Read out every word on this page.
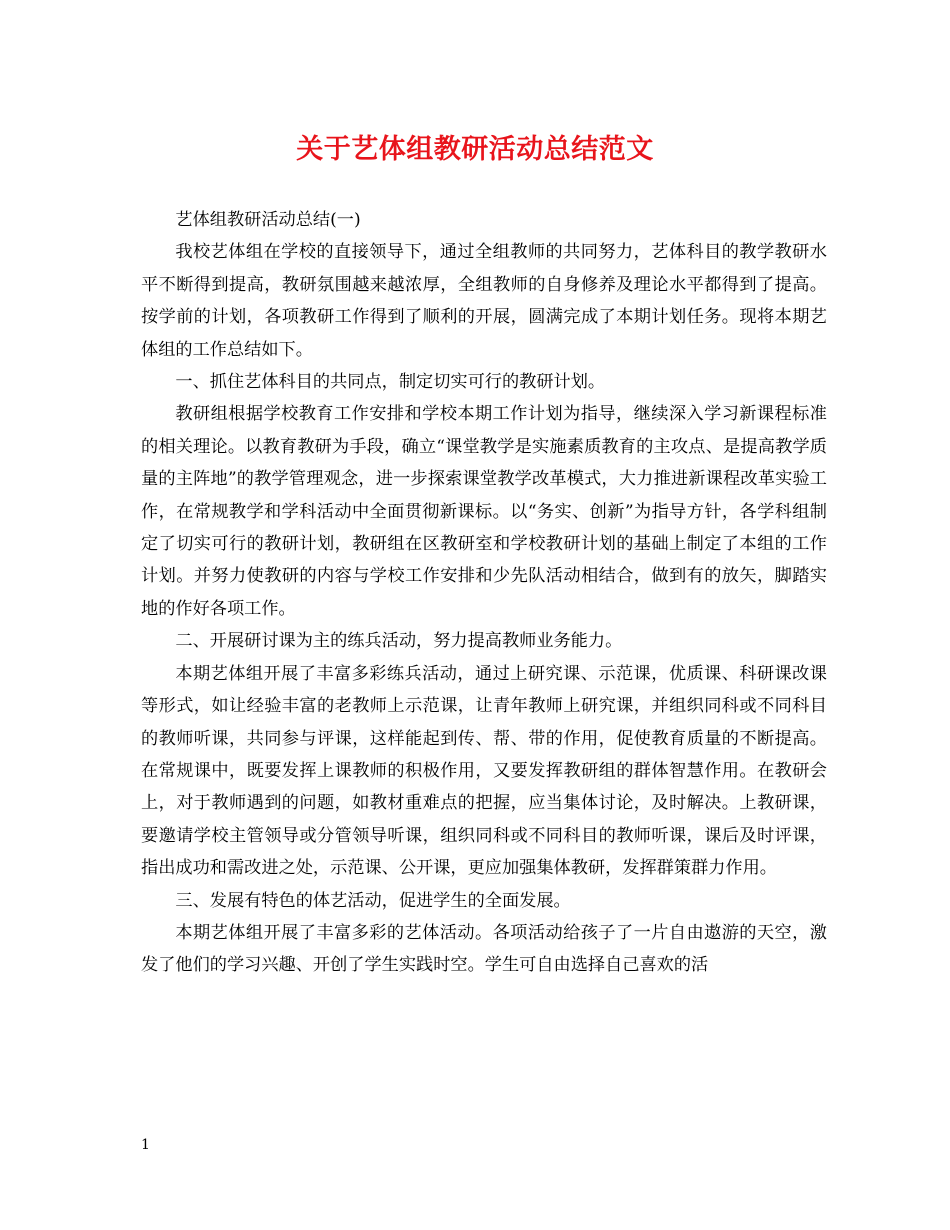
关于艺体组教研活动总结范文

艺体组教研活动总结(一)

我校艺体组在学校的直接领导下，通过全组教师的共同努力，艺体科目的教学教研水平不断得到提高，教研氛围越来越浓厚，全组教师的自身修养及理论水平都得到了提高。按学前的计划，各项教研工作得到了顺利的开展，圆满完成了本期计划任务。现将本期艺体组的工作总结如下。

一、抓住艺体科目的共同点，制定切实可行的教研计划。

教研组根据学校教育工作安排和学校本期工作计划为指导，继续深入学习新课程标准的相关理论。以教育教研为手段，确立“课堂教学是实施素质教育的主攻点、是提高教学质量的主阵地”的教学管理观念，进一步探索课堂教学改革模式，大力推进新课程改革实验工作，在常规教学和学科活动中全面贯彻新课标。以“务实、创新”为指导方针，各学科组制定了切实可行的教研计划，教研组在区教研室和学校教研计划的基础上制定了本组的工作计划。并努力使教研的内容与学校工作安排和少先队活动相结合，做到有的放矢，脚踏实地的作好各项工作。

二、开展研讨课为主的练兵活动，努力提高教师业务能力。

本期艺体组开展了丰富多彩练兵活动，通过上研究课、示范课，优质课、科研课改课等形式，如让经验丰富的老教师上示范课，让青年教师上研究课，并组织同科或不同科目的教师听课，共同参与评课，这样能起到传、帮、带的作用，促使教育质量的不断提高。在常规课中，既要发挥上课教师的积极作用，又要发挥教研组的群体智慧作用。在教研会上，对于教师遇到的问题，如教材重难点的把握，应当集体讨论，及时解决。上教研课，要邀请学校主管领导或分管领导听课，组织同科或不同科目的教师听课，课后及时评课，指出成功和需改进之处，示范课、公开课，更应加强集体教研，发挥群策群力作用。

三、发展有特色的体艺活动，促进学生的全面发展。

本期艺体组开展了丰富多彩的艺体活动。各项活动给孩子了一片自由遨游的天空，激发了他们的学习兴趣、开创了学生实践时空。学生可自由选择自己喜欢的活

1
